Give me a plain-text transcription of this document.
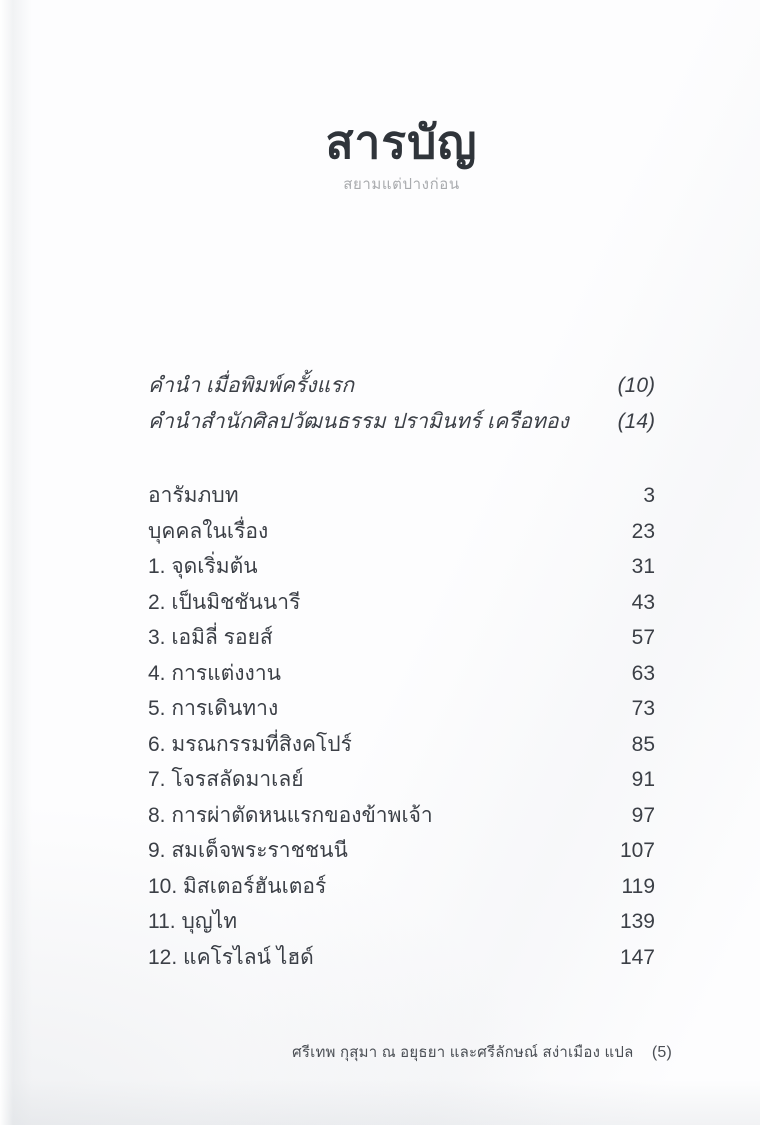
สารบัญ
สยามแต่ปางก่อน
คำนำ เมื่อพิมพ์ครั้งแรก	(10)
คำนำสำนักศิลปวัฒนธรรม ปรามินทร์ เครือทอง (14)
อารัมภบท	3
บุคคลในเรื่อง	23
1. จุดเริ่มต้น	31
2. เป็นมิชชันนารี	43
3. เอมิลี่ รอยส์	57
4. การแต่งงาน	63
5. การเดินทาง	73
6. มรณกรรมที่สิงคโปร์	85
7. โจรสลัดมาเลย์	91
8. การผ่าตัดหนแรกของข้าพเจ้า	97
9. สมเด็จพระราชชนนี	107
10. มิสเตอร์ฮันเตอร์	119
11. บุญไท	139
12. แคโรไลน์ ไฮด์	147
ศรีเทพ กุสุมา ณ อยุธยา และศรีลักษณ์ สง่าเมือง แปล (5)
